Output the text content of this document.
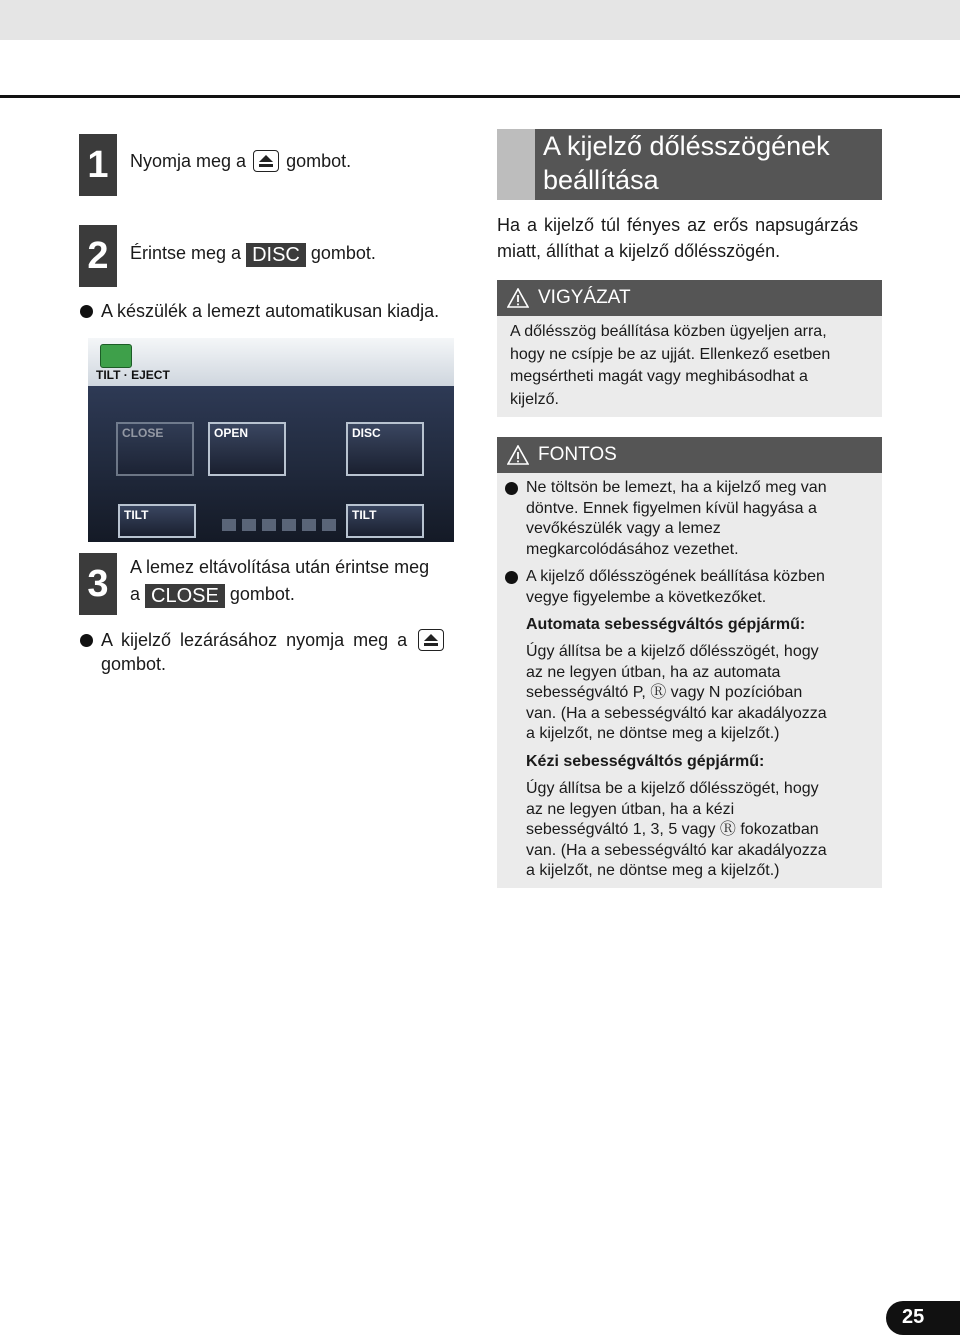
1	Nyomja meg a gombot.
2	Érintse meg a DISC gombot.
A készülék a lemezt automatikusan kiadja.
TILT · EJECT
CLOSE	OPEN	DISC
TILT	TILT
3	A lemez eltávolítása után érintse meg
a CLOSE gombot.
A kijelző lezárásához nyomja meg a
gombot.
A kijelző dőlésszögének
beállítása
Ha a kijelző túl fényes az erős napsugárzás
miatt, állíthat a kijelző dőlésszögén.
VIGYÁZAT
A dőlésszög beállítása közben ügyeljen arra,
hogy ne csípje be az ujját. Ellenkező esetben
megsértheti magát vagy meghibásodhat a
kijelző.
FONTOS
Ne töltsön be lemezt, ha a kijelző meg van
döntve. Ennek figyelmen kívül hagyása a
vevőkészülék vagy a lemez
megkarcolódásához vezethet.
A kijelző dőlésszögének beállítása közben
vegye figyelembe a következőket.
Automata sebességváltós gépjármű:
Úgy állítsa be a kijelző dőlésszögét, hogy
az ne legyen útban, ha az automata
sebességváltó P, Ⓡ vagy N pozícióban
van. (Ha a sebességváltó kar akadályozza
a kijelzőt, ne döntse meg a kijelzőt.)
Kézi sebességváltós gépjármű:
Úgy állítsa be a kijelző dőlésszögét, hogy
az ne legyen útban, ha a kézi
sebességváltó 1, 3, 5 vagy Ⓡ fokozatban
van. (Ha a sebességváltó kar akadályozza
a kijelzőt, ne döntse meg a kijelzőt.)
25
